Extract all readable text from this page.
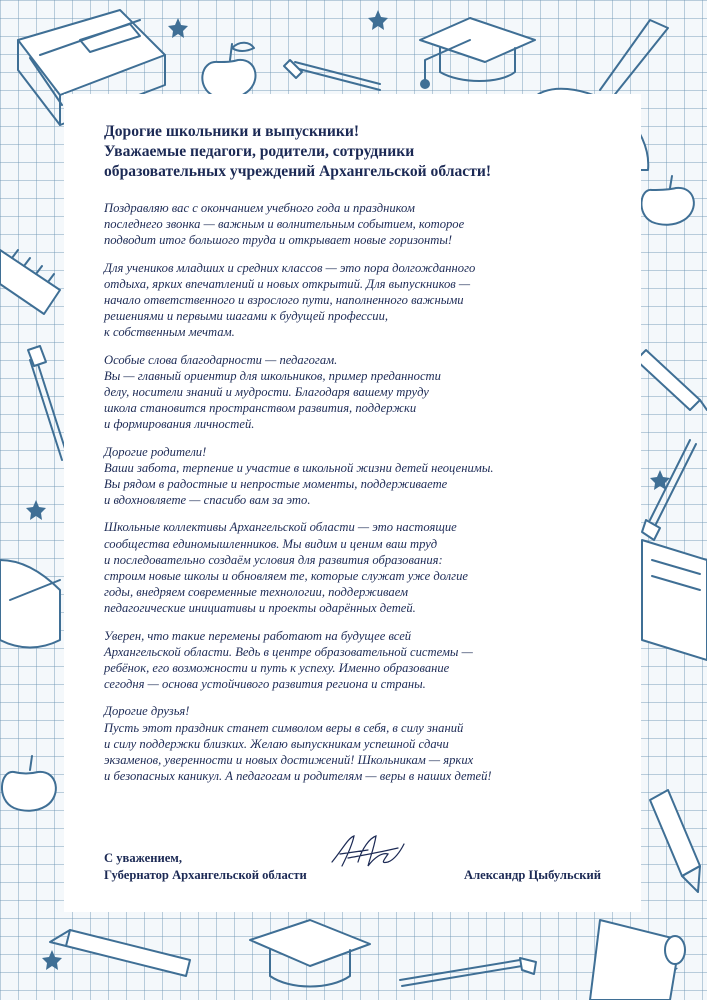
Дорогие школьники и выпускники!
Уважаемые педагоги, родители, сотрудники
образовательных учреждений Архангельской области!
Поздравляю вас с окончанием учебного года и праздником
последнего звонка — важным и волнительным событием, которое
подводит итог большого труда и открывает новые горизонты!
Для учеников младших и средних классов — это пора долгожданного
отдыха, ярких впечатлений и новых открытий. Для выпускников —
начало ответственного и взрослого пути, наполненного важными
решениями и первыми шагами к будущей профессии,
к собственным мечтам.
Особые слова благодарности — педагогам.
Вы — главный ориентир для школьников, пример преданности
делу, носители знаний и мудрости. Благодаря вашему труду
школа становится пространством развития, поддержки
и формирования личностей.
Дорогие родители!
Ваши забота, терпение и участие в школьной жизни детей неоценимы.
Вы рядом в радостные и непростые моменты, поддерживаете
и вдохновляете — спасибо вам за это.
Школьные коллективы Архангельской области — это настоящие
сообщества единомышленников. Мы видим и ценим ваш труд
и последовательно создаём условия для развития образования:
строим новые школы и обновляем те, которые служат уже долгие
годы, внедряем современные технологии, поддерживаем
педагогические инициативы и проекты одарённых детей.
Уверен, что такие перемены работают на будущее всей
Архангельской области. Ведь в центре образовательной системы —
ребёнок, его возможности и путь к успеху. Именно образование
сегодня — основа устойчивого развития региона и страны.
Дорогие друзья!
Пусть этот праздник станет символом веры в себя, в силу знаний
и силу поддержки близких. Желаю выпускникам успешной сдачи
экзаменов, уверенности и новых достижений! Школьникам — ярких
и безопасных каникул. А педагогам и родителям — веры в наших детей!
С уважением,
Губернатор Архангельской области	Александр Цыбульский
